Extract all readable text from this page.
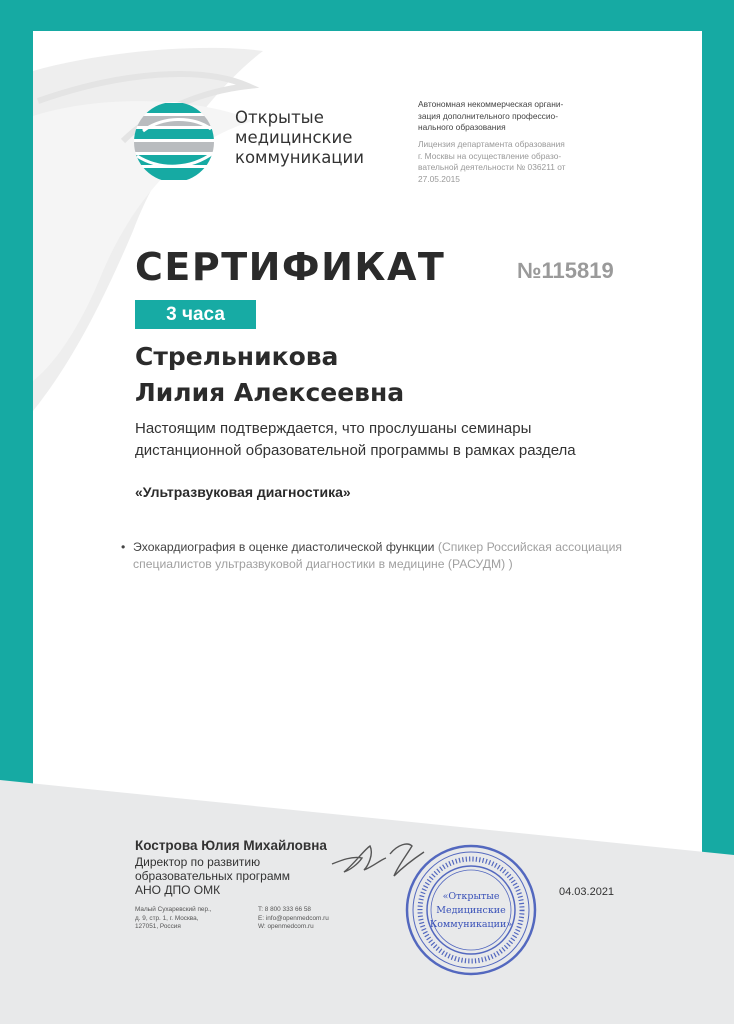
Открытые
медицинские
коммуникации
Автономная некоммерческая органи-
зация дополнительного профессио-
нального образования
Лицензия департамента образования
г. Москвы на осуществление образо-
вательной деятельности № 036211 от
27.05.2015
СЕРТИФИКАТ	№115819
3 часа
Стрельникова
Лилия Алексеевна
Настоящим подтверждается, что прослушаны семинары
дистанционной образовательной программы в рамках раздела
«Ультразвуковая диагностика»
• Эхокардиография в оценке диастолической функции (Спикер Российская ассоциация
специалистов ультразвуковой диагностики в медицине (РАСУДМ) )
Кострова Юлия Михайловна
Директор по развитию
образовательных программ
АНО ДПО ОМК
Малый Сухаревский пер.,
д. 9, стр. 1, г. Москва,
127051, Россия
T: 8 800 333 66 58
E: info@openmedcom.ru
W: openmedcom.ru
«Открытые
Медицинские
Коммуникации»
04.03.2021
